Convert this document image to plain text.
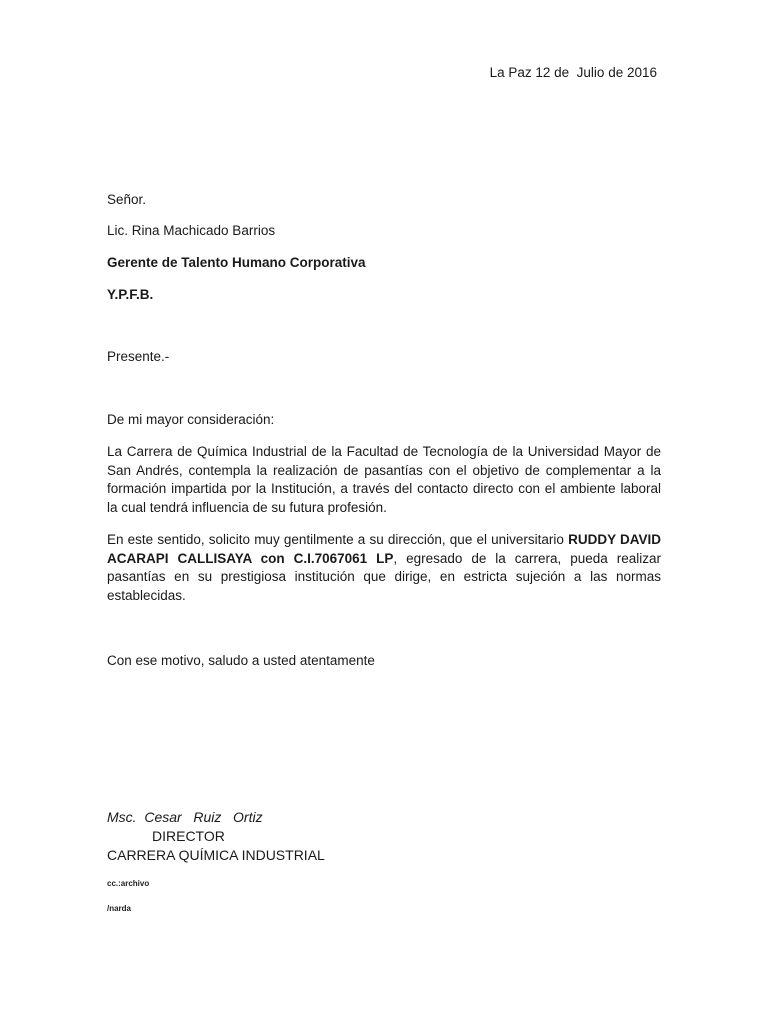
La Paz 12 de  Julio de 2016
Señor.
Lic. Rina Machicado Barrios
Gerente de Talento Humano Corporativa
Y.P.F.B.
Presente.-
De mi mayor consideración:
La Carrera de Química Industrial de la Facultad de Tecnología de la Universidad Mayor de San Andrés, contempla la realización de pasantías con el objetivo de complementar a la formación impartida por la Institución, a través del contacto directo con el ambiente laboral la cual tendrá influencia de su futura profesión.
En este sentido, solicito muy gentilmente a su dirección, que el universitario RUDDY DAVID ACARAPI CALLISAYA con C.I.7067061 LP, egresado de la carrera, pueda realizar pasantías en su prestigiosa institución que dirige, en estricta sujeción a las normas establecidas.
Con ese motivo, saludo a usted atentamente
Msc.  Cesar   Ruiz   Ortiz
DIRECTOR
CARRERA QUÍMICA INDUSTRIAL
cc.:archivo
/narda
